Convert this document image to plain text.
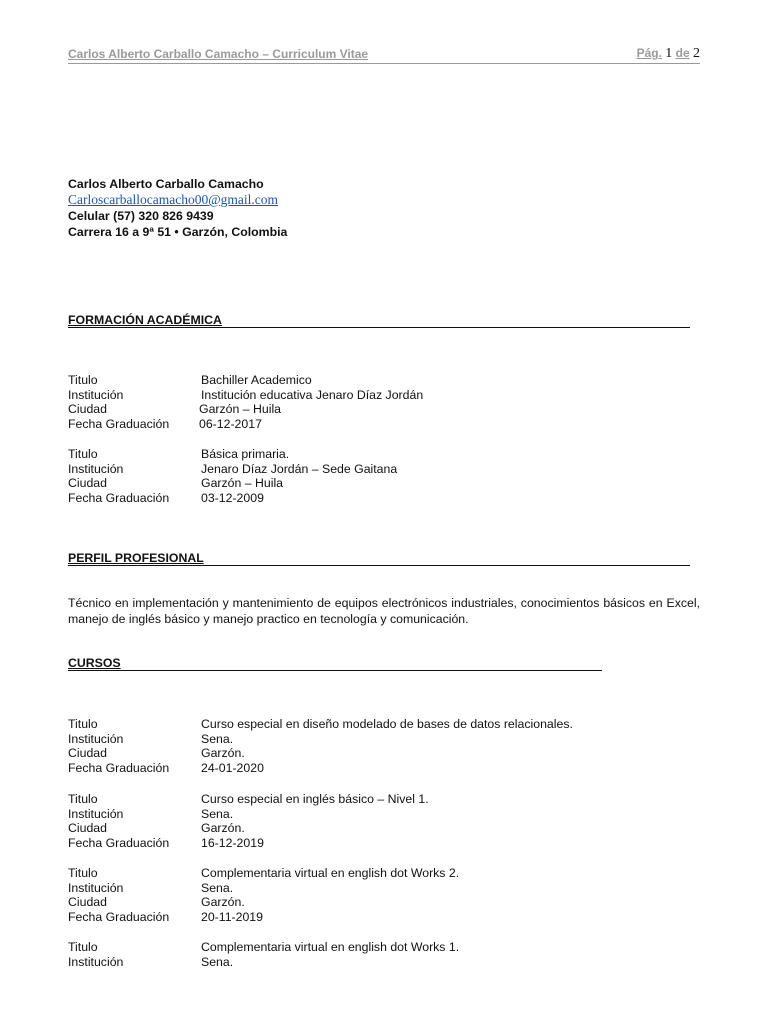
Carlos Alberto Carballo Camacho – Curriculum Vitae	Pág. 1 de 2
Carlos Alberto Carballo Camacho
Carloscarballocamacho00@gmail.com
Celular (57) 320 826 9439
Carrera 16 a 9ª 51 • Garzón, Colombia
FORMACIÓN ACADÉMICA
Titulo	Bachiller Academico
Institución	Institución educativa Jenaro Díaz Jordán
Ciudad	Garzón – Huila
Fecha Graduación 06-12-2017
Titulo	Básica primaria.
Institución	Jenaro Díaz Jordán – Sede Gaitana
Ciudad	Garzón – Huila
Fecha Graduación	03-12-2009
PERFIL PROFESIONAL
Técnico en implementación y mantenimiento de equipos electrónicos industriales, conocimientos básicos en Excel, manejo de inglés básico y manejo practico en tecnología y comunicación.
CURSOS
Titulo	Curso especial en diseño modelado de bases de datos relacionales.
Institución	Sena.
Ciudad	Garzón.
Fecha Graduación	24-01-2020
Titulo	Curso especial en inglés básico – Nivel 1.
Institución	Sena.
Ciudad	Garzón.
Fecha Graduación	16-12-2019
Titulo	Complementaria virtual en english dot Works 2.
Institución	Sena.
Ciudad	Garzón.
Fecha Graduación	20-11-2019
Titulo	Complementaria virtual en english dot Works 1.
Institución	Sena.
